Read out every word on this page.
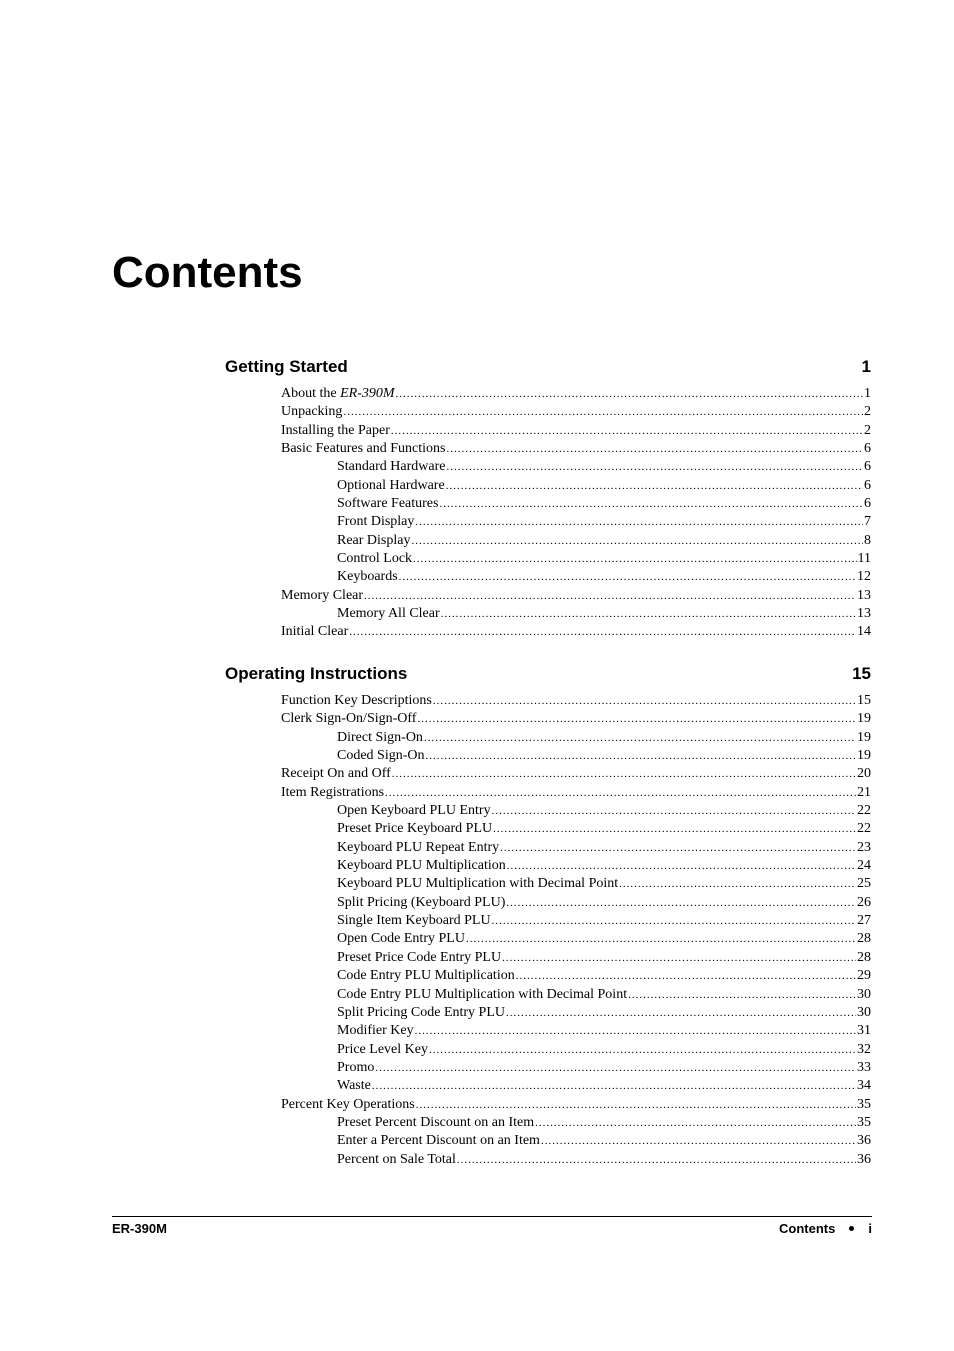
Contents
Getting Started	1
About the ER-390M .....	1
Unpacking .....	2
Installing the Paper .....	2
Basic Features and Functions .....	6
Standard Hardware .....	6
Optional Hardware .....	6
Software Features .....	6
Front Display .....	7
Rear Display .....	8
Control Lock .....	11
Keyboards .....	12
Memory Clear .....	13
Memory All Clear .....	13
Initial Clear .....	14
Operating Instructions	15
Function Key Descriptions .....	15
Clerk Sign-On/Sign-Off .....	19
Direct Sign-On .....	19
Coded Sign-On .....	19
Receipt On and Off .....	20
Item Registrations .....	21
Open Keyboard PLU Entry .....	22
Preset Price Keyboard PLU .....	22
Keyboard PLU Repeat Entry .....	23
Keyboard PLU Multiplication .....	24
Keyboard PLU Multiplication with Decimal Point .....	25
Split Pricing (Keyboard PLU) .....	26
Single Item Keyboard PLU .....	27
Open Code Entry PLU .....	28
Preset Price Code Entry PLU .....	28
Code Entry PLU Multiplication .....	29
Code Entry PLU Multiplication with Decimal Point .....	30
Split Pricing Code Entry PLU .....	30
Modifier Key .....	31
Price Level Key .....	32
Promo .....	33
Waste .....	34
Percent Key Operations .....	35
Preset Percent Discount on an Item .....	35
Enter a Percent Discount on an Item .....	36
Percent on Sale Total .....	36
ER-390M	Contents	i
